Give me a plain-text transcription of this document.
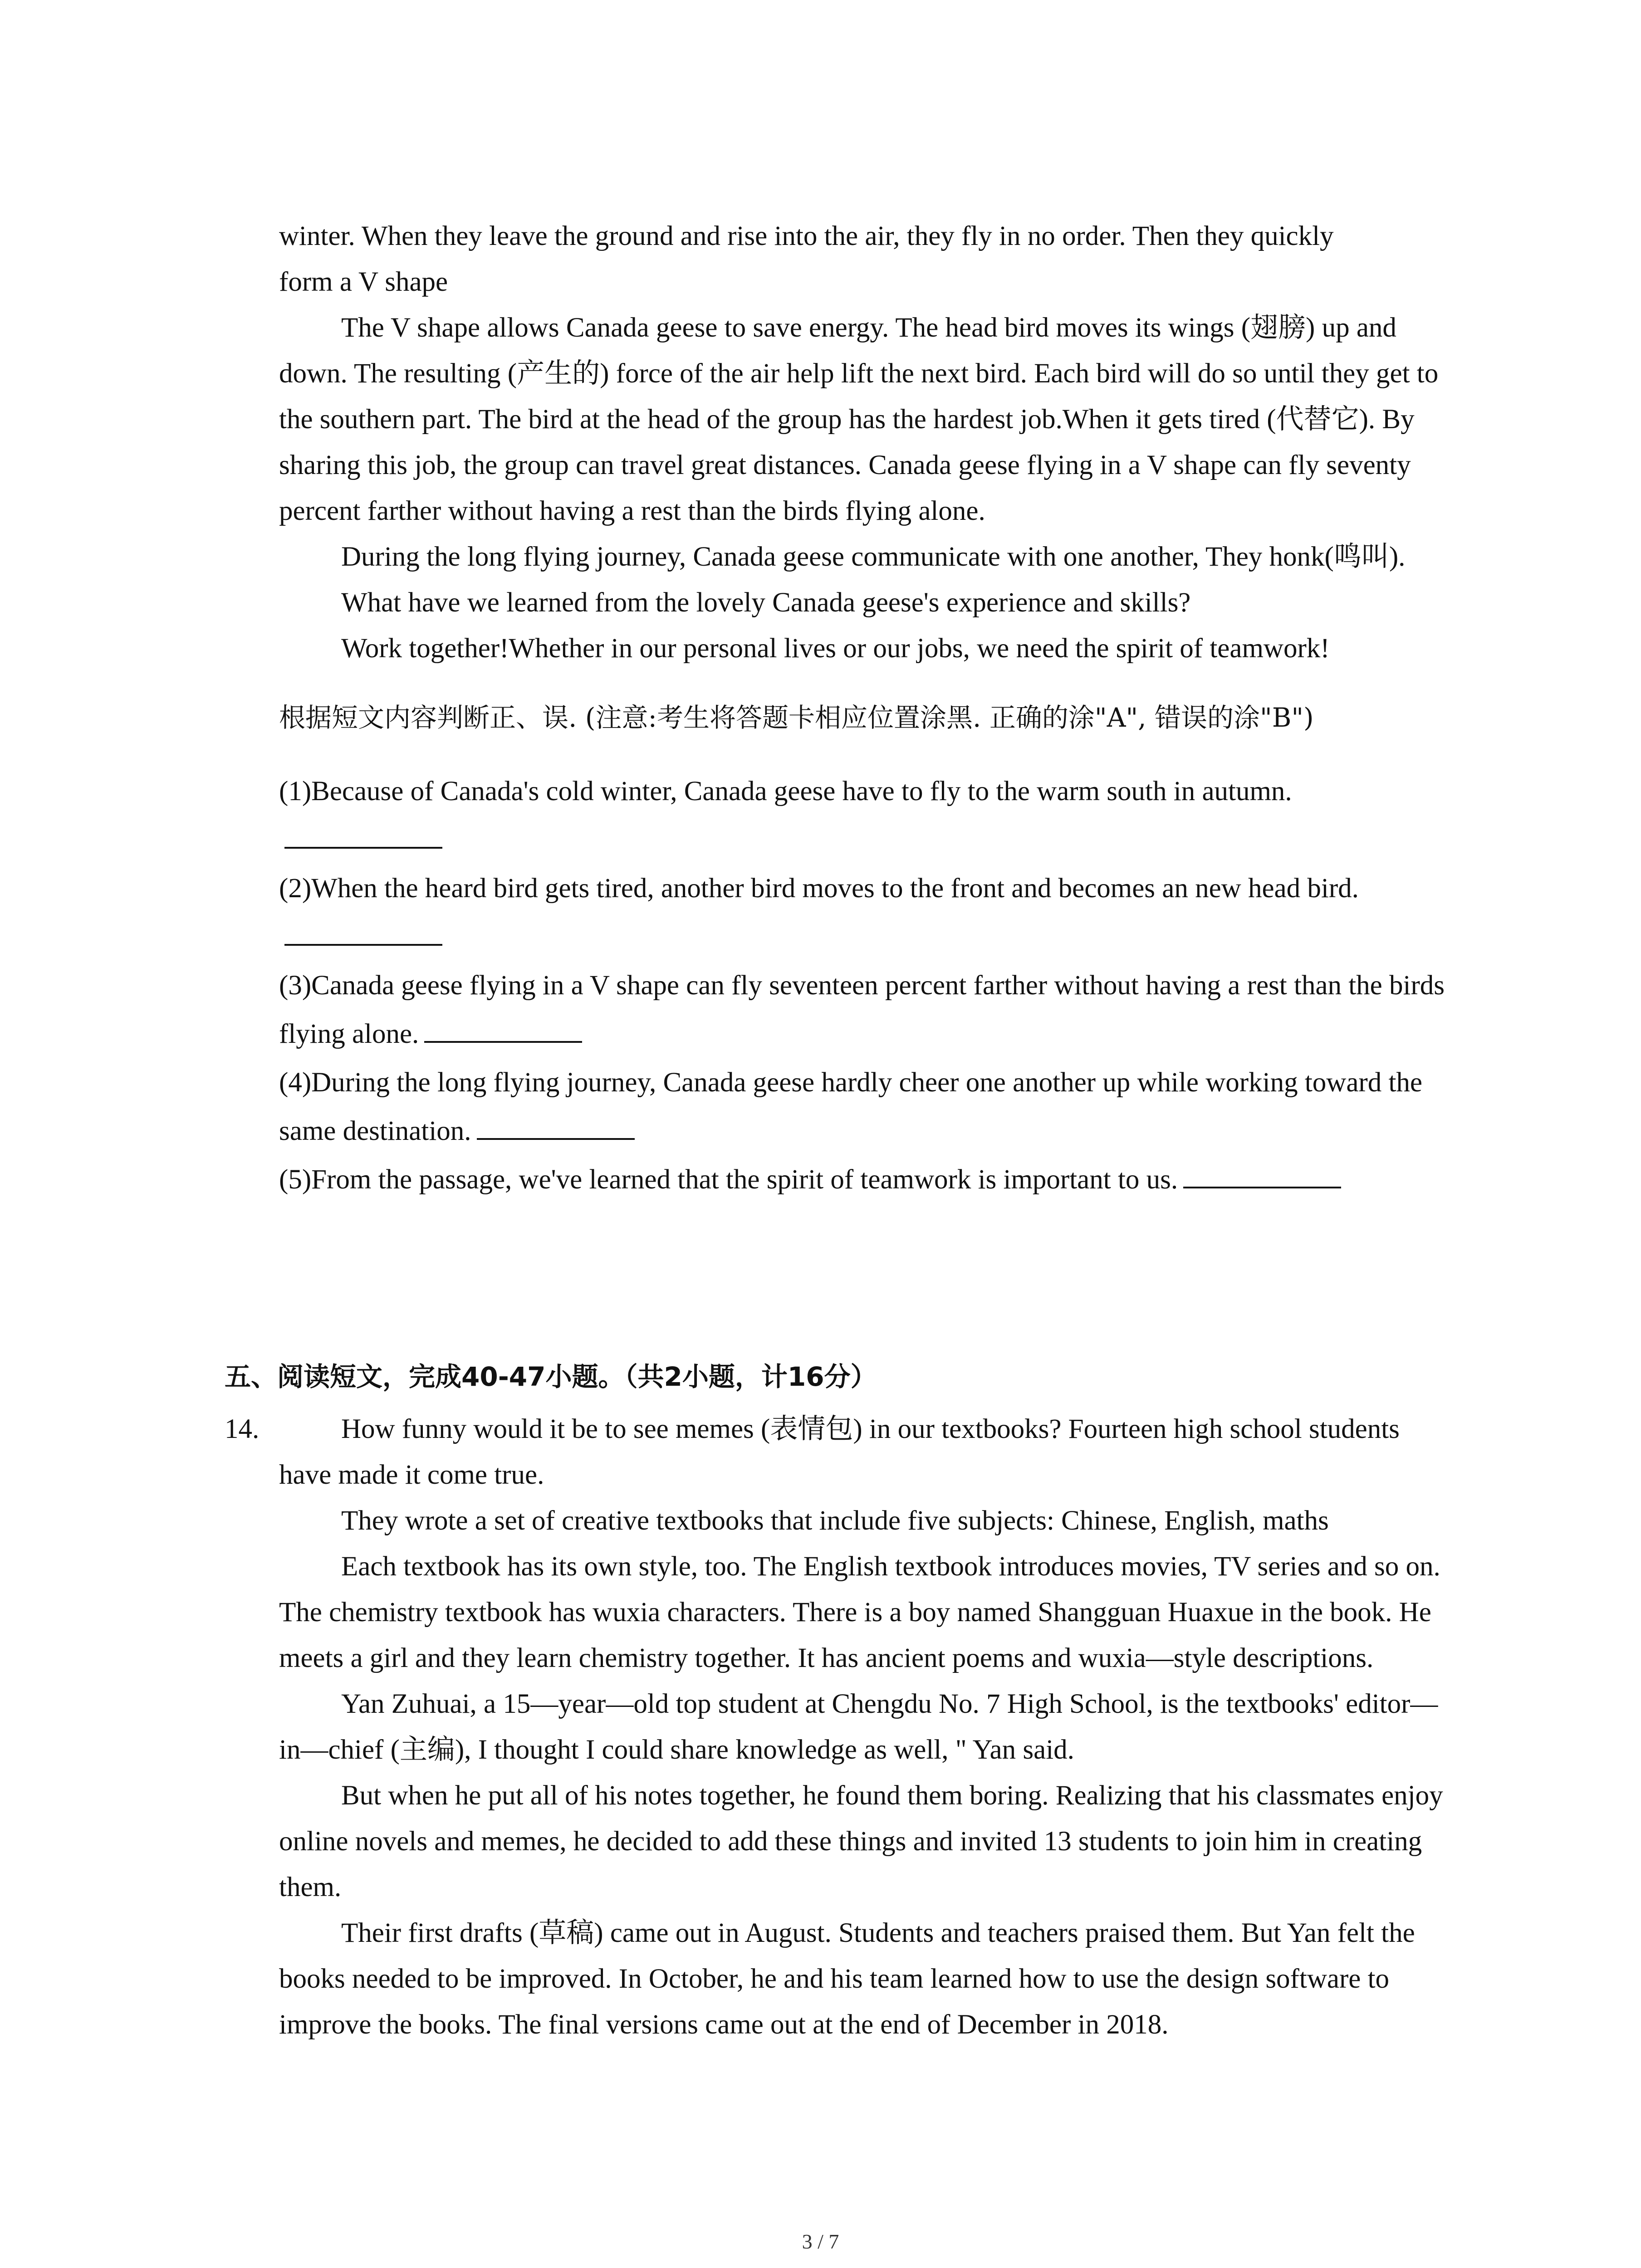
winter. When they leave the ground and rise into the air, they fly in no order. Then they quickly

form a V shape

The V shape allows Canada geese to save energy. The head bird moves its wings (翅膀) up and down. The resulting (产生的) force of the air help lift the next bird. Each bird will do so until they get to the southern part. The bird at the head of the group has the hardest job.When it gets tired (代替它). By sharing this job, the group can travel great distances. Canada geese flying in a V shape can fly seventy percent farther without having a rest than the birds flying alone.

During the long flying journey, Canada geese communicate with one another, They honk(鸣叫).

What have we learned from the lovely Canada geese's experience and skills?

Work together!Whether in our personal lives or our jobs, we need the spirit of teamwork!

根据短文内容判断正、误. (注意:考生将答题卡相应位置涂黑. 正确的涂"A", 错误的涂"B")

(1)Because of Canada's cold winter, Canada geese have to fly to the warm south in autumn.

(2)When the heard bird gets tired, another bird moves to the front and becomes an new head bird.

(3)Canada geese flying in a V shape can fly seventeen percent farther without having a rest than the birds flying alone.

(4)During the long flying journey, Canada geese hardly cheer one another up while working toward the same destination.

(5)From the passage, we've learned that the spirit of teamwork is important to us.

五、阅读短文，完成40-47小题。（共2小题，计16分）

14.	How funny would it be to see memes (表情包) in our textbooks? Fourteen high school students have made it come true.

They wrote a set of creative textbooks that include five subjects: Chinese, English, maths

Each textbook has its own style, too. The English textbook introduces movies, TV series and so on. The chemistry textbook has wuxia characters. There is a boy named Shangguan Huaxue in the book. He meets a girl and they learn chemistry together. It has ancient poems and wuxia—style descriptions.

Yan Zuhuai, a 15—year—old top student at Chengdu No. 7 High School, is the textbooks' editor—in—chief (主编), I thought I could share knowledge as well, " Yan said.

But when he put all of his notes together, he found them boring. Realizing that his classmates enjoy online novels and memes, he decided to add these things and invited 13 students to join him in creating them.

Their first drafts (草稿) came out in August. Students and teachers praised them. But Yan felt the books needed to be improved. In October, he and his team learned how to use the design software to improve the books. The final versions came out at the end of December in 2018.

3 / 7
